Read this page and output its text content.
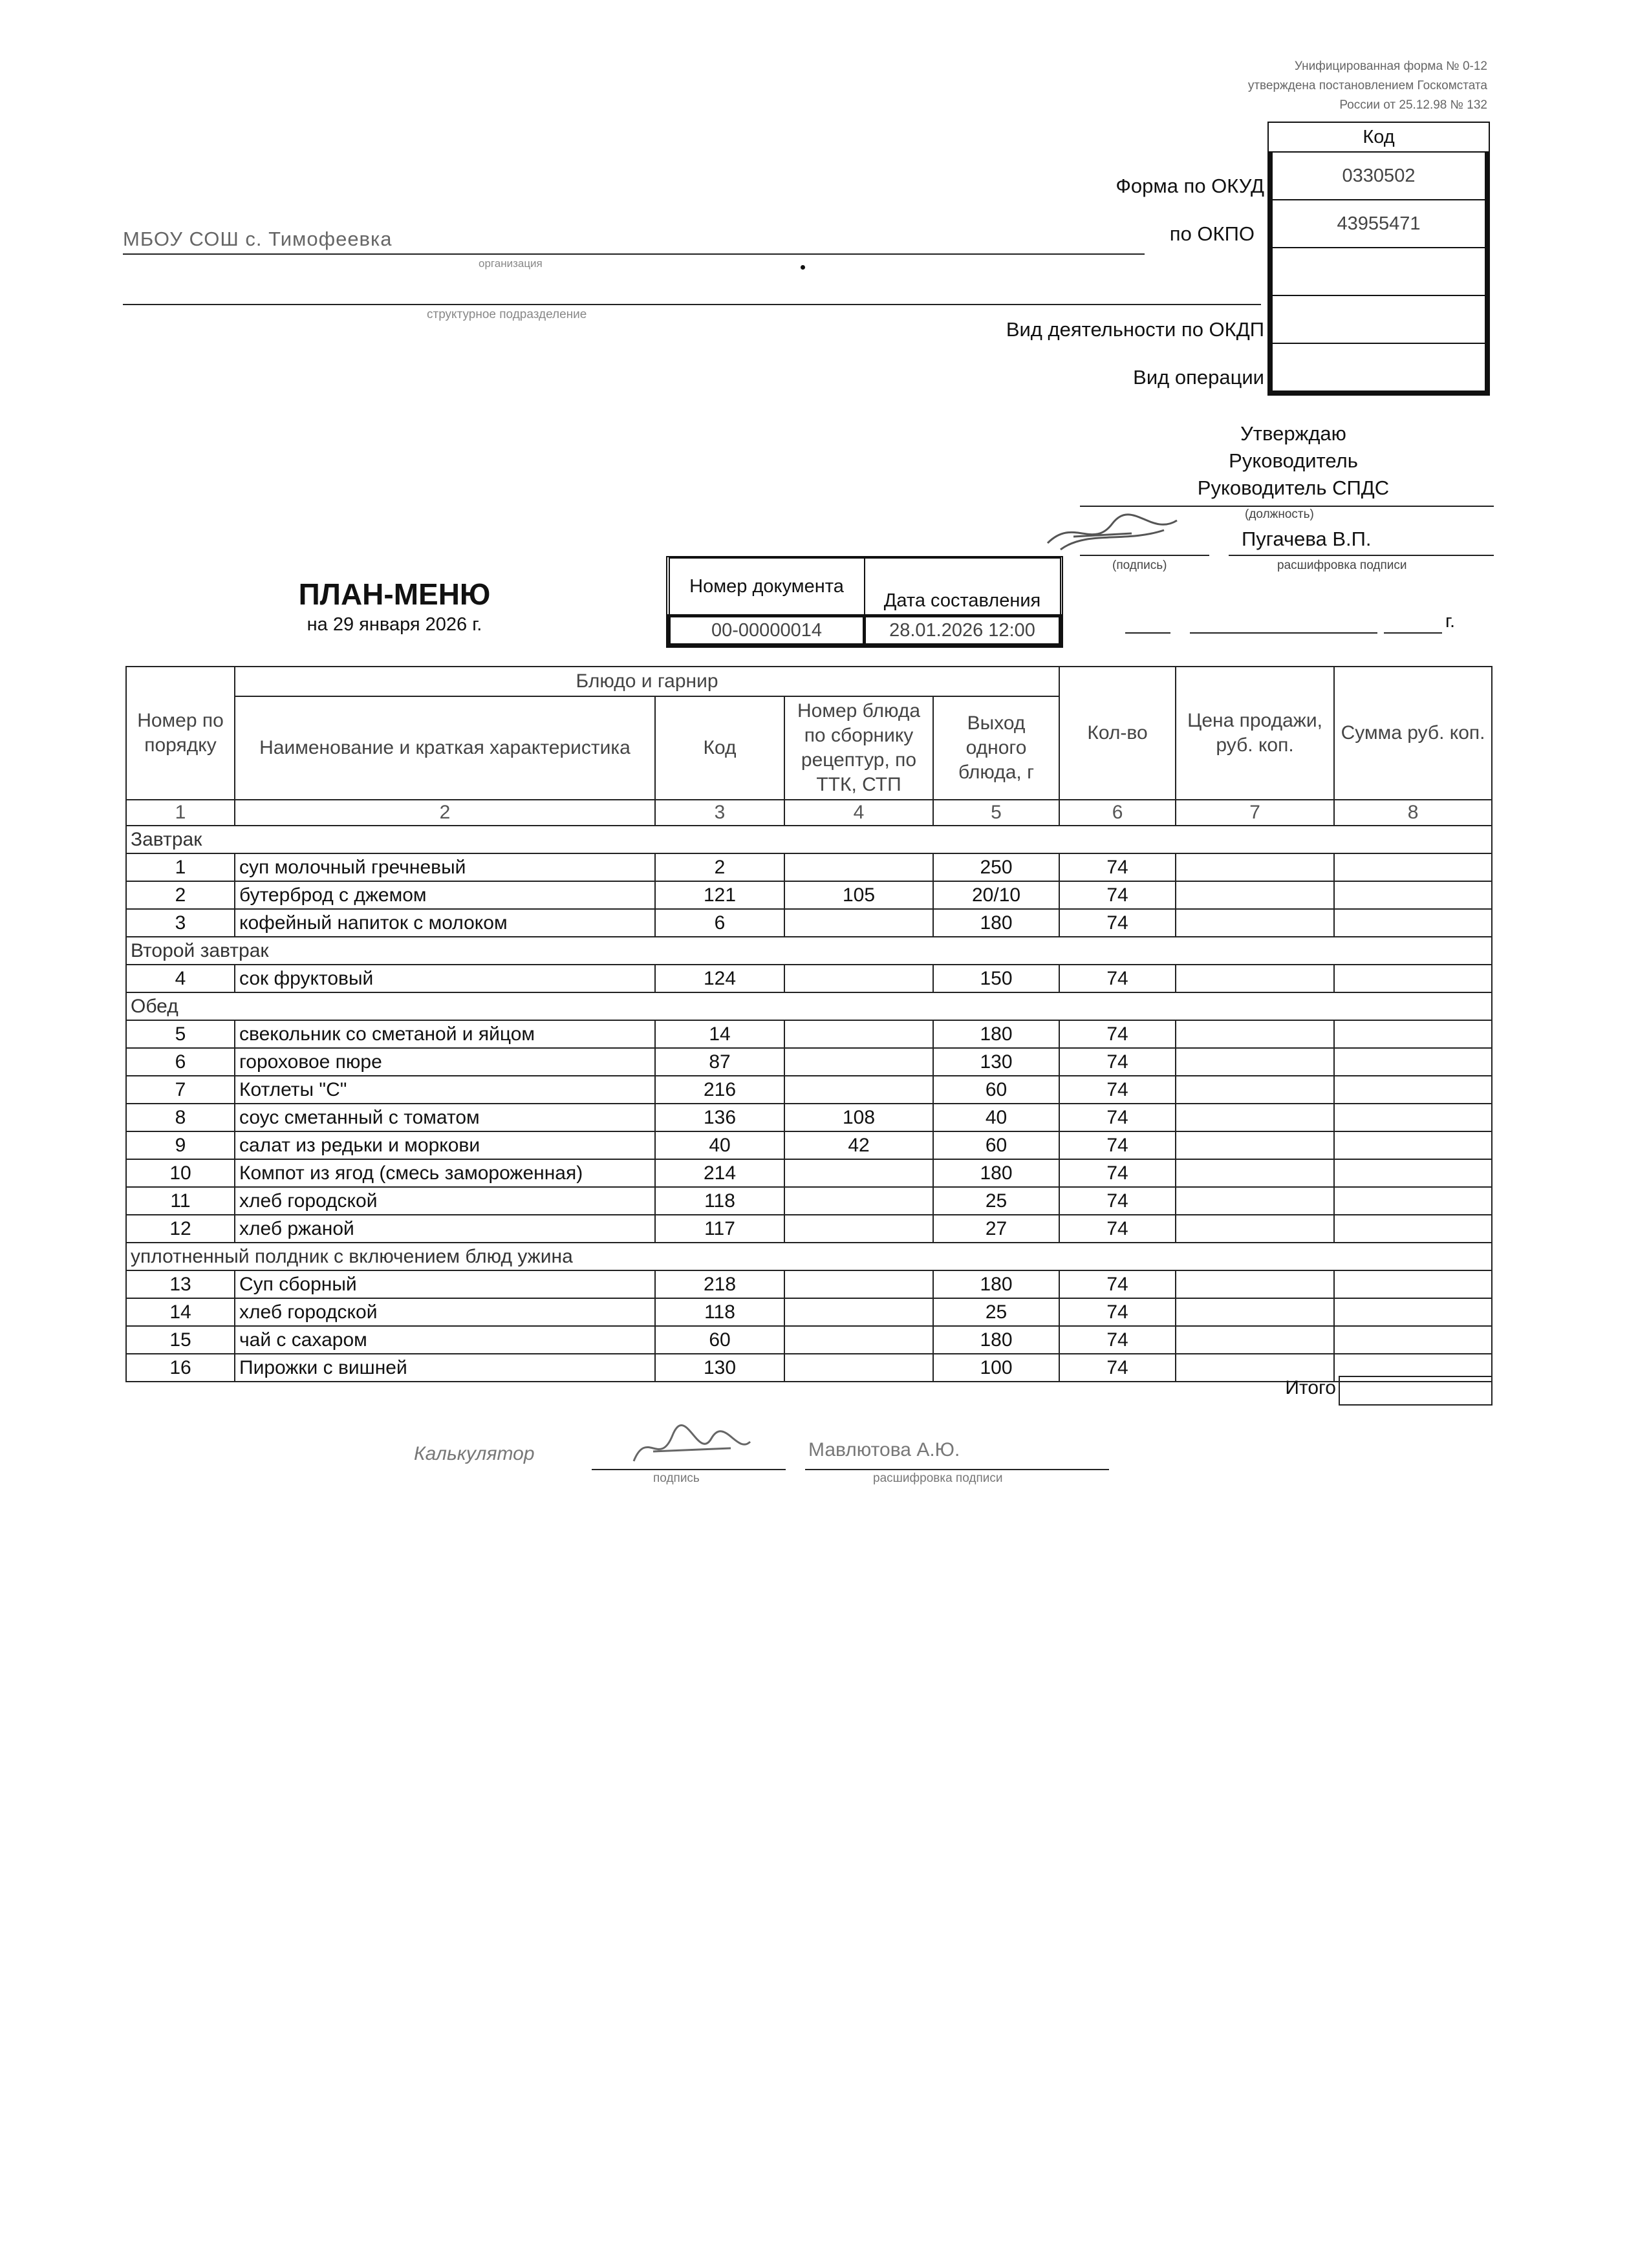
Унифицированная форма № 0-12
утверждена постановлением Госкомстата
России от 25.12.98 № 132
Код
0330502
43955471
Форма по ОКУД
по ОКПО
Вид деятельности по ОКДП
Вид операции
МБОУ СОШ с. Тимофеевка
организация
структурное подразделение
Утверждаю
Руководитель
Руководитель СПДС
(должность)
(подпись)
Пугачева В.П.
расшифровка подписи
г.
ПЛАН-МЕНЮ
на 29 января 2026 г.
Номер документа	Дата составления
00-00000014	28.01.2026 12:00
Номер по порядку	Блюдо и гарнир				Кол-во	Цена продажи, руб. коп.	Сумма руб. коп.
	Наименование и краткая характеристика	Код	Номер блюда по сборнику рецептур, по ТТК, СТП	Выход одного блюда, г			
1	2	3	4	5	6	7	8
Завтрак							
1	суп молочный гречневый	2		250	74		
2	бутерброд с джемом	121	105	20/10	74		
3	кофейный напиток с молоком	6		180	74		
Второй завтрак							
4	сок фруктовый	124		150	74		
Обед							
5	свекольник со сметаной и яйцом	14		180	74		
6	гороховое пюре	87		130	74		
7	Котлеты "С"	216		60	74		
8	соус сметанный с томатом	136	108	40	74		
9	салат из редьки и моркови	40	42	60	74		
10	Компот из ягод (смесь замороженная)	214		180	74		
11	хлеб городской	118		25	74		
12	хлеб ржаной	117		27	74		
уплотненный полдник с включением блюд ужина							
13	Суп сборный	218		180	74		
14	хлеб городской	118		25	74		
15	чай с сахаром	60		180	74		
16	Пирожки с вишней	130		100	74		
Итого
Калькулятор
подпись
Мавлютова А.Ю.
расшифровка подписи
